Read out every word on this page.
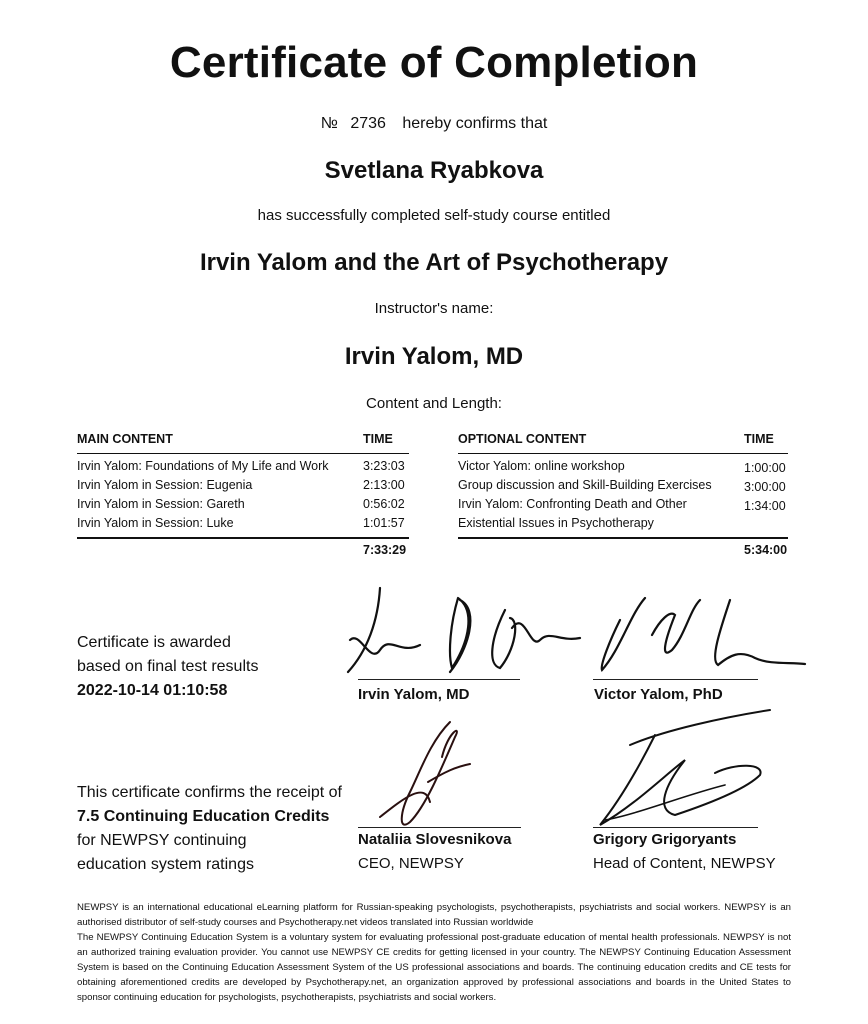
Certificate of Completion
№ 2736 hereby confirms that
Svetlana Ryabkova
has successfully completed self-study course entitled
Irvin Yalom and the Art of Psychotherapy
Instructor's name:
Irvin Yalom, MD
Content and Length:
MAIN CONTENT	TIME
Irvin Yalom: Foundations of My Life and Work	3:23:03
Irvin Yalom in Session: Eugenia	2:13:00
Irvin Yalom in Session: Gareth	0:56:02
Irvin Yalom in Session: Luke	1:01:57
7:33:29
OPTIONAL CONTENT	TIME
Victor Yalom: online workshop	1:00:00
Group discussion and Skill-Building Exercises	3:00:00
Irvin Yalom: Confronting Death and Other	1:34:00
Existential Issues in Psychotherapy
5:34:00
Certificate is awarded
based on final test results
2022-10-14 01:10:58
This certificate confirms the receipt of
7.5 Continuing Education Credits
for NEWPSY continuing
education system ratings
Irvin Yalom, MD	Victor Yalom, PhD
Nataliia Slovesnikova
CEO, NEWPSY
Grigory Grigoryants
Head of Content, NEWPSY

NEWPSY is an international educational eLearning platform for Russian-speaking psychologists, psychotherapists, psychiatrists and social workers. NEWPSY is an authorised distributor of self-study courses and Psychotherapy.net videos translated into Russian worldwide

The NEWPSY Continuing Education System is a voluntary system for evaluating professional post-graduate education of mental health professionals. NEWPSY is not an authorized training evaluation provider. You cannot use NEWPSY CE credits for getting licensed in your country. The NEWPSY Continuing Education Assessment System is based on the Continuing Education Assessment System of the US professional associations and boards. The continuing education credits and CE tests for obtaining aforementioned credits are developed by Psychotherapy.net, an organization approved by professional associations and boards in the United States to sponsor continuing education for psychologists, psychotherapists, psychiatrists and social workers.
